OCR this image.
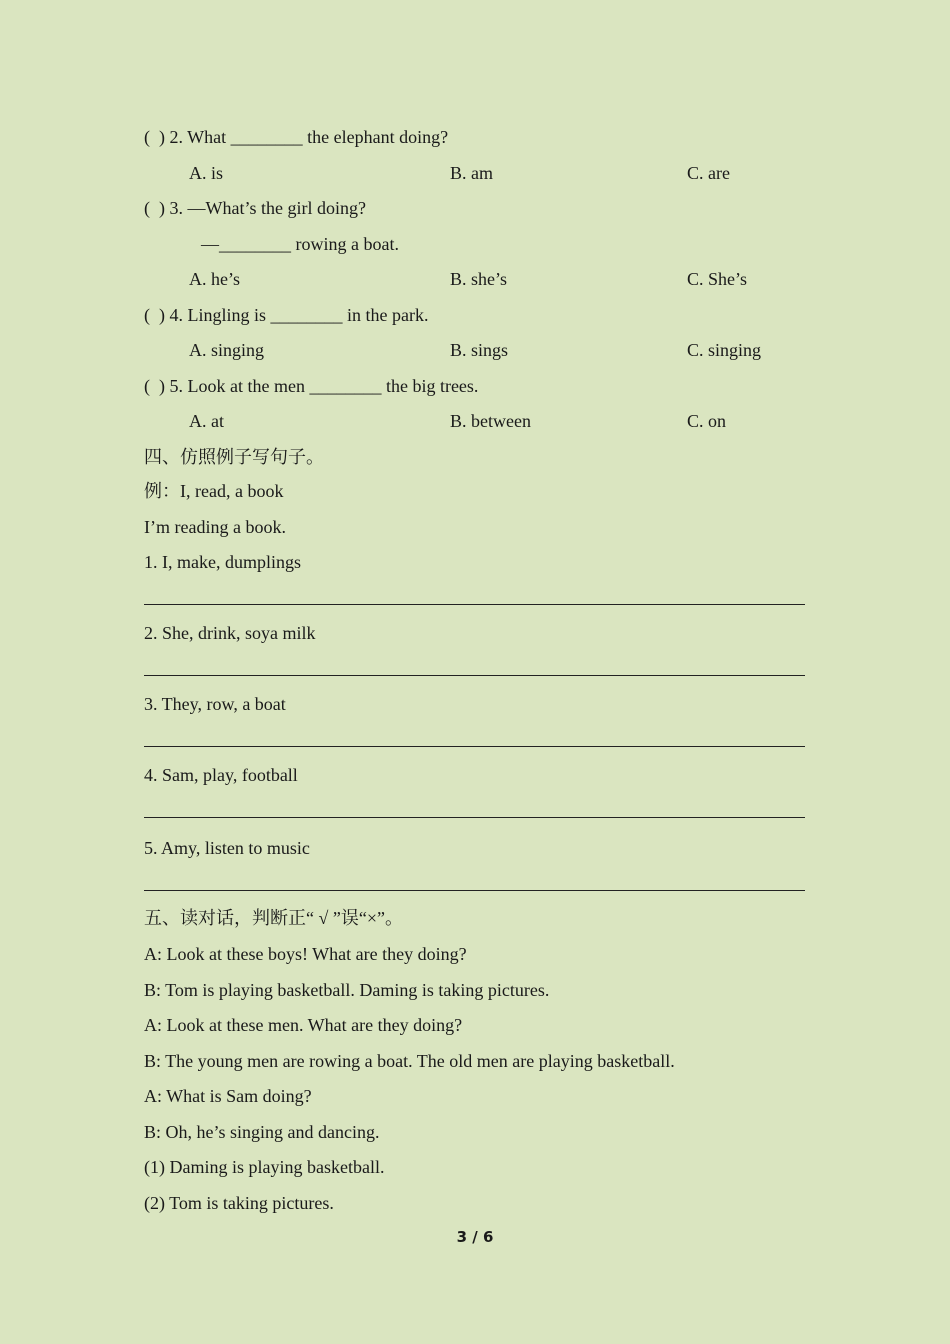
(  ) 2. What ________ the elephant doing?
A. is	B. am	C. are
(  ) 3. —What’s the girl doing?
—________ rowing a boat.
A. he’s	B. she’s	C. She’s
(  ) 4. Lingling is ________ in the park.
A. singing	B. sings	C. singing
(  ) 5. Look at the men ________ the big trees.
A. at	B. between	C. on
四、仿照例子写句子。
例：I, read, a book
I’m reading a book.
1. I, make, dumplings
2. She, drink, soya milk
3. They, row, a boat
4. Sam, play, football
5. Amy, listen to music
五、读对话，判断正“ √ ”误“×”。
A: Look at these boys! What are they doing?
B: Tom is playing basketball. Daming is taking pictures.
A: Look at these men. What are they doing?
B: The young men are rowing a boat. The old men are playing basketball.
A: What is Sam doing?
B: Oh, he’s singing and dancing.
(1) Daming is playing basketball.
(2) Tom is taking pictures.
3 / 6
